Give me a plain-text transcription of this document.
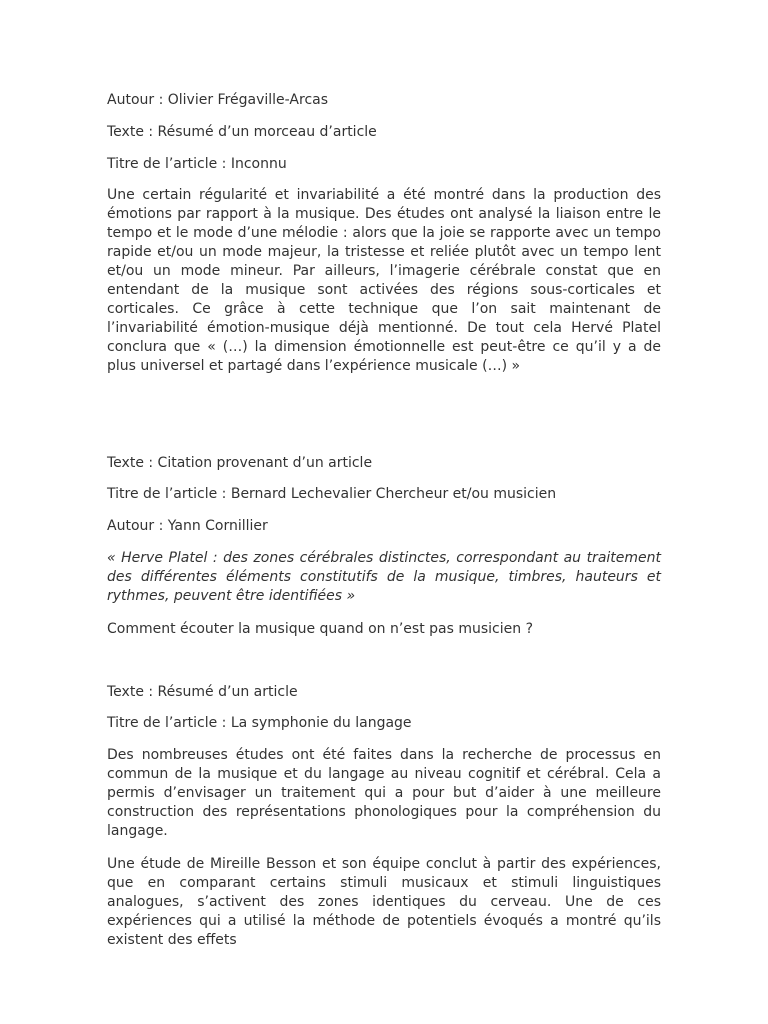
Autour : Olivier Frégaville-Arcas
Texte : Résumé d’un morceau d’article
Titre de l’article : Inconnu
Une certain régularité et invariabilité a été montré dans la production des émotions par rapport à la musique. Des études ont analysé la liaison entre le tempo et le mode d’une mélodie : alors que la joie se rapporte avec un tempo rapide et/ou un mode majeur, la tristesse et reliée plutôt avec un tempo lent et/ou un mode mineur. Par ailleurs, l’imagerie cérébrale constat que en entendant de la musique sont activées des régions sous-corticales et corticales. Ce grâce à cette technique que l’on sait maintenant de l’invariabilité émotion-musique déjà mentionné. De tout cela Hervé Platel conclura que « (…) la dimension émotionnelle est peut-être ce qu’il y a de plus universel et partagé dans l’expérience musicale (…) »
Texte : Citation provenant d’un article
Titre de l’article : Bernard Lechevalier Chercheur et/ou musicien
Autour : Yann Cornillier
« Herve Platel : des zones cérébrales distinctes, correspondant au traitement des différentes éléments constitutifs de la musique, timbres, hauteurs et rythmes, peuvent être identifiées »
Comment écouter la musique quand on n’est pas musicien ?
Texte : Résumé d’un article
Titre de l’article : La symphonie du langage
Des nombreuses études ont été faites dans la recherche de processus en commun de la musique et du langage au niveau cognitif et cérébral. Cela a permis d’envisager un traitement qui a pour but d’aider à une meilleure construction des représentations phonologiques pour la compréhension du langage.
Une étude de Mireille Besson et son équipe conclut à partir des expériences, que en comparant certains stimuli musicaux et stimuli linguistiques analogues, s’activent des zones identiques du cerveau. Une de ces expériences qui a utilisé la méthode de potentiels évoqués a montré qu’ils existent des effets
